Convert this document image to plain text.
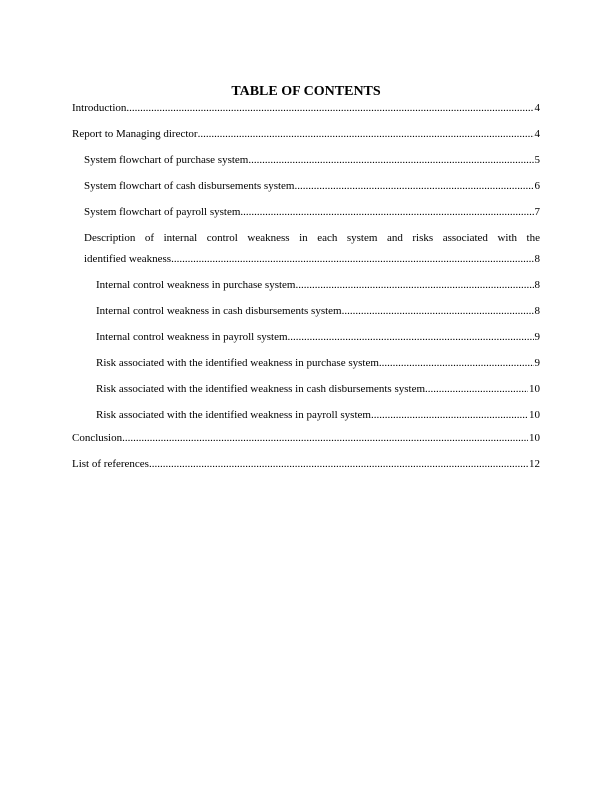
TABLE OF CONTENTS
Introduction .....	4
Report to Managing director .....	4
System flowchart of purchase system .....	5
System flowchart of cash disbursements system .....	6
System flowchart of payroll system .....	7
Description of internal control weakness in each system and risks associated with the
identified weakness .....	8
Internal control weakness in purchase system .....	8
Internal control weakness in cash disbursements system .....	8
Internal control weakness in payroll system .....	9
Risk associated with the identified weakness in purchase system .....	9
Risk associated with the identified weakness in cash disbursements system .....	10
Risk associated with the identified weakness in payroll system .....	10
Conclusion .....	10
List of references .....	12
